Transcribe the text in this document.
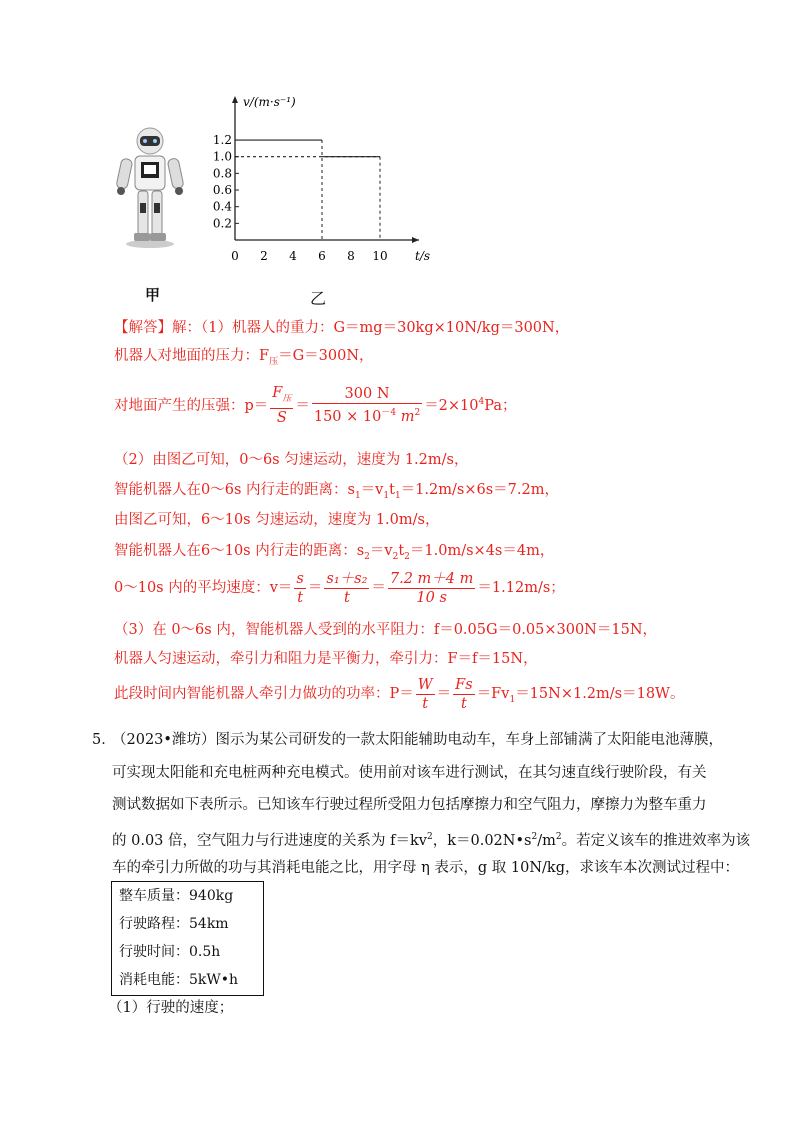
甲
0 2 4 6 8 10
0.2
0.4
0.6
0.8
1.0
1.2
v/(m·s⁻¹)
t/s
乙
【解答】解：（1）机器人的重力：G＝mg＝30kg×10N/kg＝300N，
机器人对地面的压力：$F_压=G=300N$，
对地面产生的压强：$p= \frac{F_压}{S} = \frac{300 N}{150 \times 10^{-4} m^2} =2\times 10^4Pa$；
（2）由图乙可知，0～6s 匀速运动，速度为 1.2m/s，
智能机器人在0～6s 内行走的距离：$s_1=v_1t_1=1.2m/s\times 6s=7.2m$，
由图乙可知，6～10s 匀速运动，速度为 1.0m/s，
智能机器人在6～10s 内行走的距离：$s_2=v_2t_2=1.0m/s\times 4s=4m$，
0～10s 内的平均速度：$v= \frac{s}{t} = \frac{\text{s₁＋s₂}}{t} = \frac{7.2 m+4 m}{10 s} =1.12m/s$；
（3）在 0～6s 内，智能机器人受到的水平阻力：f＝0.05G＝0.05×300N＝15N，
机器人匀速运动，牵引力和阻力是平衡力，牵引力：F＝f＝15N，
此段时间内智能机器人牵引力做功的功率：$P= \frac{W}{t} = \frac{Fs}{t} =Fv_1=15N\times 1.2m/s=18W$。
5．
（2023•潍坊）图示为某公司研发的一款太阳能辅助电动车，车身上部铺满了太阳能电池薄膜，
可实现太阳能和充电桩两种充电模式。使用前对该车进行测试，在其匀速直线行驶阶段，有关
测试数据如下表所示。已知该车行驶过程所受阻力包括摩擦力和空气阻力，摩擦力为整车重力
的 0.03 倍，空气阻力与行进速度的关系为 $f=kv^2$，$k=0.02N•s^2/m^2$。若定义该车的推进效率为该
车的牵引力所做的功与其消耗电能之比，用字母 η 表示，g 取 10N/kg，求该车本次测试过程中：
整车质量：940kg
行驶路程：54km
行驶时间：0.5h
消耗电能：5kW•h
（1）行驶的速度；
